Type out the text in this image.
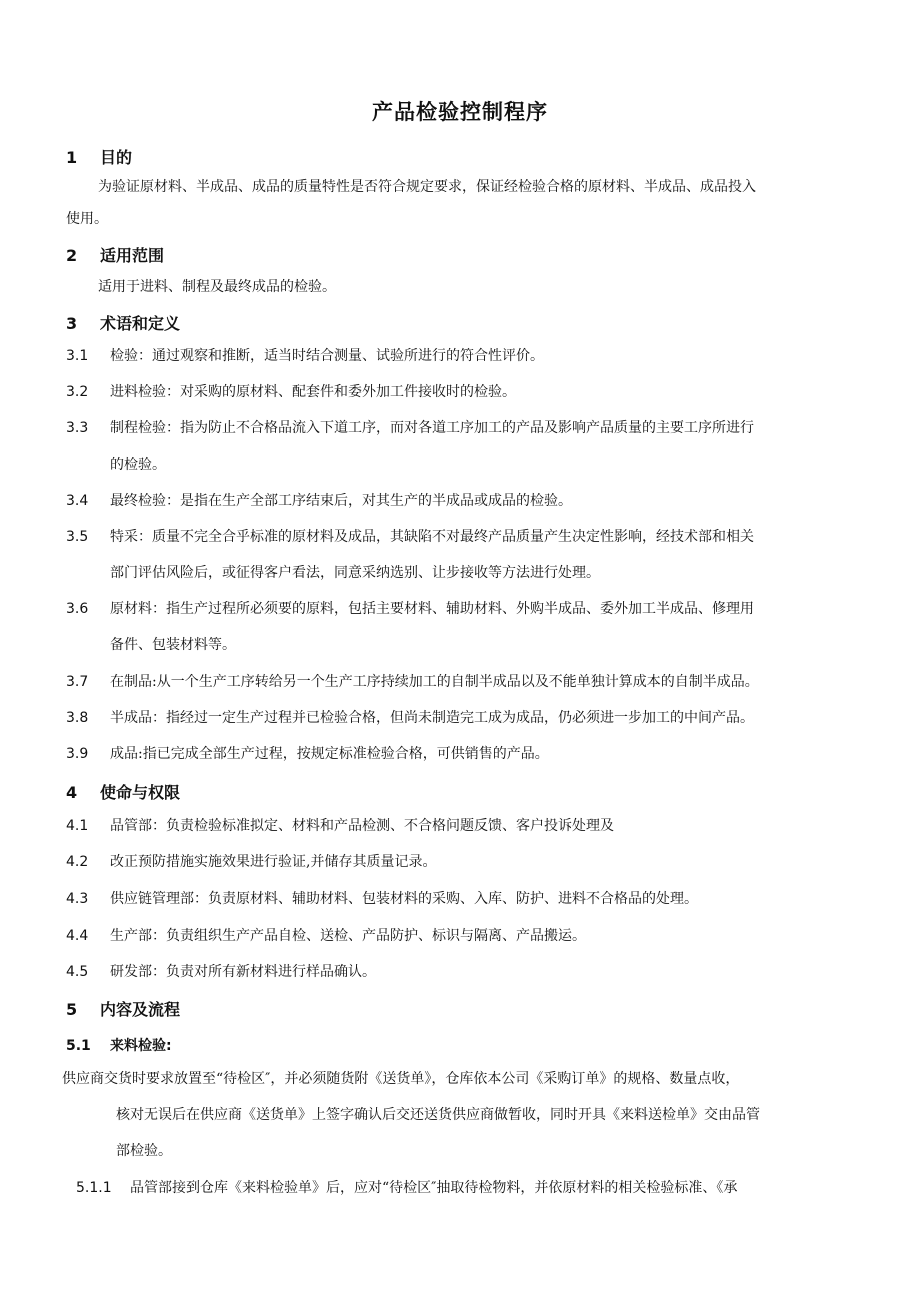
产品检验控制程序
1 目的
为验证原材料、半成品、成品的质量特性是否符合规定要求，保证经检验合格的原材料、半成品、成品投入
使用。
2 适用范围
适用于进料、制程及最终成品的检验。
3 术语和定义
3.1 检验：通过观察和推断，适当时结合测量、试验所进行的符合性评价。
3.2 进料检验：对采购的原材料、配套件和委外加工件接收时的检验。
3.3 制程检验：指为防止不合格品流入下道工序，而对各道工序加工的产品及影响产品质量的主要工序所进行
的检验。
3.4 最终检验：是指在生产全部工序结束后，对其生产的半成品或成品的检验。
3.5 特采：质量不完全合乎标准的原材料及成品，其缺陷不对最终产品质量产生决定性影响，经技术部和相关
部门评估风险后，或征得客户看法，同意采纳选别、让步接收等方法进行处理。
3.6 原材料：指生产过程所必须要的原料，包括主要材料、辅助材料、外购半成品、委外加工半成品、修理用
备件、包装材料等。
3.7 在制品:从一个生产工序转给另一个生产工序持续加工的自制半成品以及不能单独计算成本的自制半成品。
3.8 半成品：指经过一定生产过程并已检验合格，但尚未制造完工成为成品，仍必须进一步加工的中间产品。
3.9 成品:指已完成全部生产过程，按规定标准检验合格，可供销售的产品。
4 使命与权限
4.1 品管部：负责检验标准拟定、材料和产品检测、不合格问题反馈、客户投诉处理及
4.2 改正预防措施实施效果进行验证,并储存其质量记录。
4.3 供应链管理部：负责原材料、辅助材料、包装材料的采购、入库、防护、进料不合格品的处理。
4.4 生产部：负责组织生产产品自检、送检、产品防护、标识与隔离、产品搬运。
4.5 研发部：负责对所有新材料进行样品确认。
5 内容及流程
5.1 来料检验:
供应商交货时要求放置至“待检区″，并必须随货附《送货单》，仓库依本公司《采购订单》的规格、数量点收，
核对无误后在供应商《送货单》上签字确认后交还送货供应商做暂收，同时开具《来料送检单》交由品管
部检验。
5.1.1 品管部接到仓库《来料检验单》后，应对“待检区″抽取待检物料，并依原材料的相关检验标准、《承
